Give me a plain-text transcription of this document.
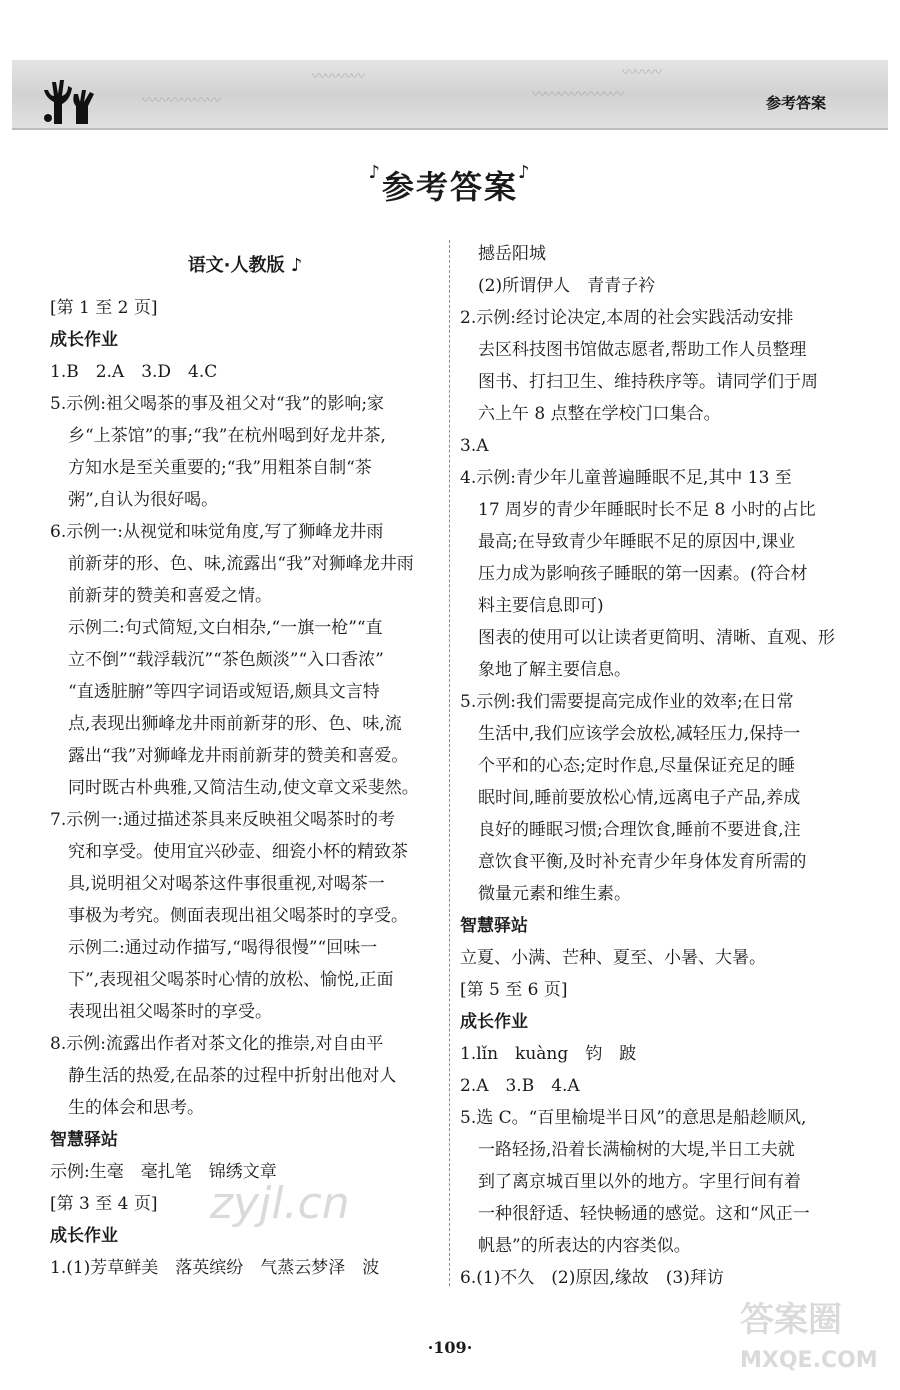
〰〰〰〰〰〰
〰〰〰〰
〰〰〰〰〰〰〰
〰〰〰
参考答案
♪参考答案♪
语文·人教版 ♪
[第 1 至 2 页]
成长作业
1.B　2.A　3.D　4.C
5.示例:祖父喝茶的事及祖父对“我”的影响;家
乡“上茶馆”的事;“我”在杭州喝到好龙井茶,
方知水是至关重要的;“我”用粗茶自制“茶
粥”,自认为很好喝。
6.示例一:从视觉和味觉角度,写了狮峰龙井雨
前新芽的形、色、味,流露出“我”对狮峰龙井雨
前新芽的赞美和喜爱之情。
示例二:句式简短,文白相杂,“一旗一枪”“直
立不倒”“载浮载沉”“茶色颇淡”“入口香浓”
“直透脏腑”等四字词语或短语,颇具文言特
点,表现出狮峰龙井雨前新芽的形、色、味,流
露出“我”对狮峰龙井雨前新芽的赞美和喜爱。
同时既古朴典雅,又简洁生动,使文章文采斐然。
7.示例一:通过描述茶具来反映祖父喝茶时的考
究和享受。使用宜兴砂壶、细瓷小杯的精致茶
具,说明祖父对喝茶这件事很重视,对喝茶一
事极为考究。侧面表现出祖父喝茶时的享受。
示例二:通过动作描写,“喝得很慢”“回味一
下”,表现祖父喝茶时心情的放松、愉悦,正面
表现出祖父喝茶时的享受。
8.示例:流露出作者对茶文化的推崇,对自由平
静生活的热爱,在品茶的过程中折射出他对人
生的体会和思考。
智慧驿站
示例:生毫　毫扎笔　锦绣文章
[第 3 至 4 页]
成长作业
1.(1)芳草鲜美　落英缤纷　气蒸云梦泽　波
撼岳阳城
(2)所谓伊人　青青子衿
2.示例:经讨论决定,本周的社会实践活动安排
去区科技图书馆做志愿者,帮助工作人员整理
图书、打扫卫生、维持秩序等。请同学们于周
六上午 8 点整在学校门口集合。
3.A
4.示例:青少年儿童普遍睡眠不足,其中 13 至
17 周岁的青少年睡眠时长不足 8 小时的占比
最高;在导致青少年睡眠不足的原因中,课业
压力成为影响孩子睡眠的第一因素。(符合材
料主要信息即可)
图表的使用可以让读者更简明、清晰、直观、形
象地了解主要信息。
5.示例:我们需要提高完成作业的效率;在日常
生活中,我们应该学会放松,减轻压力,保持一
个平和的心态;定时作息,尽量保证充足的睡
眠时间,睡前要放松心情,远离电子产品,养成
良好的睡眠习惯;合理饮食,睡前不要进食,注
意饮食平衡,及时补充青少年身体发育所需的
微量元素和维生素。
智慧驿站
立夏、小满、芒种、夏至、小暑、大暑。
[第 5 至 6 页]
成长作业
1.lǐn　kuàng　钧　跛
2.A　3.B　4.A
5.选 C。“百里榆堤半日风”的意思是船趁顺风,
一路轻扬,沿着长满榆树的大堤,半日工夫就
到了离京城百里以外的地方。字里行间有着
一种很舒适、轻快畅通的感觉。这和“风正一
帆悬”的所表达的内容类似。
6.(1)不久　(2)原因,缘故　(3)拜访
zyjl.cn
答案圈
MXQE.COM
·109·
